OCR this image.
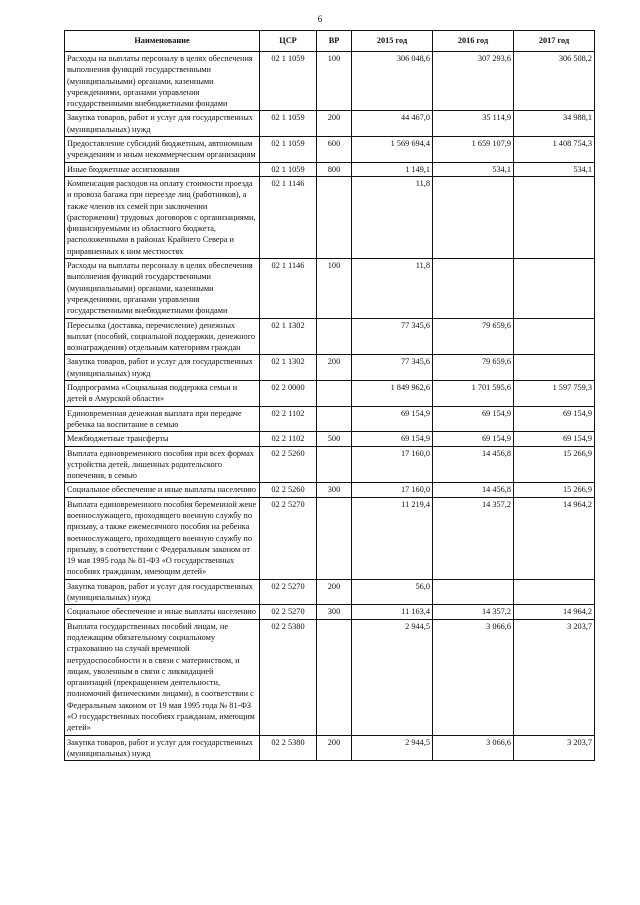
6
Наименование	ЦСР	ВР	2015 год	2016 год	2017 год
Расходы на выплаты персоналу в целях обеспечения выполнения функций государственными (муниципальными) органами, казенными учреждениями, органами управления государственными внебюджетными фондами	02 1 1059	100	306 048,6	307 293,6	306 508,2
Закупка товаров, работ и услуг для государственных (муниципальных) нужд	02 1 1059	200	44 467,0	35 114,9	34 988,1
Предоставление субсидий бюджетным, автономным учреждениям и иным некоммерческим организациям	02 1 1059	600	1 569 694,4	1 659 107,9	1 408 754,3
Иные бюджетные ассигнования	02 1 1059	800	1 149,1	534,1	534,1
Компенсация расходов на оплату стоимости проезда и провоза багажа при переезде лиц (работников), а также членов их семей при заключении (расторжении) трудовых договоров с организациями, финансируемыми из областного бюджета, расположенными в районах Крайнего Севера и приравненных к ним местностях	02 1 1146		11,8		
Расходы на выплаты персоналу в целях обеспечения выполнения функций государственными (муниципальными) органами, казенными учреждениями, органами управления государственными внебюджетными фондами	02 1 1146	100	11,8		
Пересылка (доставка, перечисление) денежных выплат (пособий, социальной поддержки, денежного вознаграждения) отдельным категориям граждан	02 1 1302		77 345,6	79 659,6	
Закупка товаров, работ и услуг для государственных (муниципальных) нужд	02 1 1302	200	77 345,6	79 659,6	
Подпрограмма «Социальная поддержка семьи и детей в Амурской области»	02 2 0000		1 849 962,6	1 701 595,6	1 597 759,3
Единовременная денежная выплата при передаче ребенка на воспитание в семью	02 2 1102		69 154,9	69 154,9	69 154,9
Межбюджетные трансферты	02 2 1102	500	69 154,9	69 154,9	69 154,9
Выплата единовременного пособия при всех формах устройства детей, лишенных родительского попечения, в семью	02 2 5260		17 160,0	14 456,8	15 266,9
Социальное обеспечение и иные выплаты населению	02 2 5260	300	17 160,0	14 456,8	15 266,9
Выплата единовременного пособия беременной жене военнослужащего, проходящего военную службу по призыву, а также ежемесячного пособия на ребенка военнослужащего, проходящего военную службу по призыву, в соответствии с Федеральным законом от 19 мая 1995 года № 81-ФЗ «О государственных пособиях гражданам, имеющим детей»	02 2 5270		11 219,4	14 357,2	14 964,2
Закупка товаров, работ и услуг для государственных (муниципальных) нужд	02 2 5270	200	56,0		
Социальное обеспечение и иные выплаты населению	02 2 5270	300	11 163,4	14 357,2	14 964,2
Выплата государственных пособий лицам, не подлежащим обязательному социальному страхованию на случай временной нетрудоспособности и в связи с материнством, и лицам, уволенным в связи с ликвидацией организаций (прекращением деятельности, полномочий физическими лицами), в соответствии с Федеральным законом от 19 мая 1995 года № 81-ФЗ «О государственных пособиях гражданам, имеющим детей»	02 2 5380		2 944,5	3 066,6	3 203,7
Закупка товаров, работ и услуг для государственных (муниципальных) нужд	02 2 5380	200	2 944,5	3 066,6	3 203,7
